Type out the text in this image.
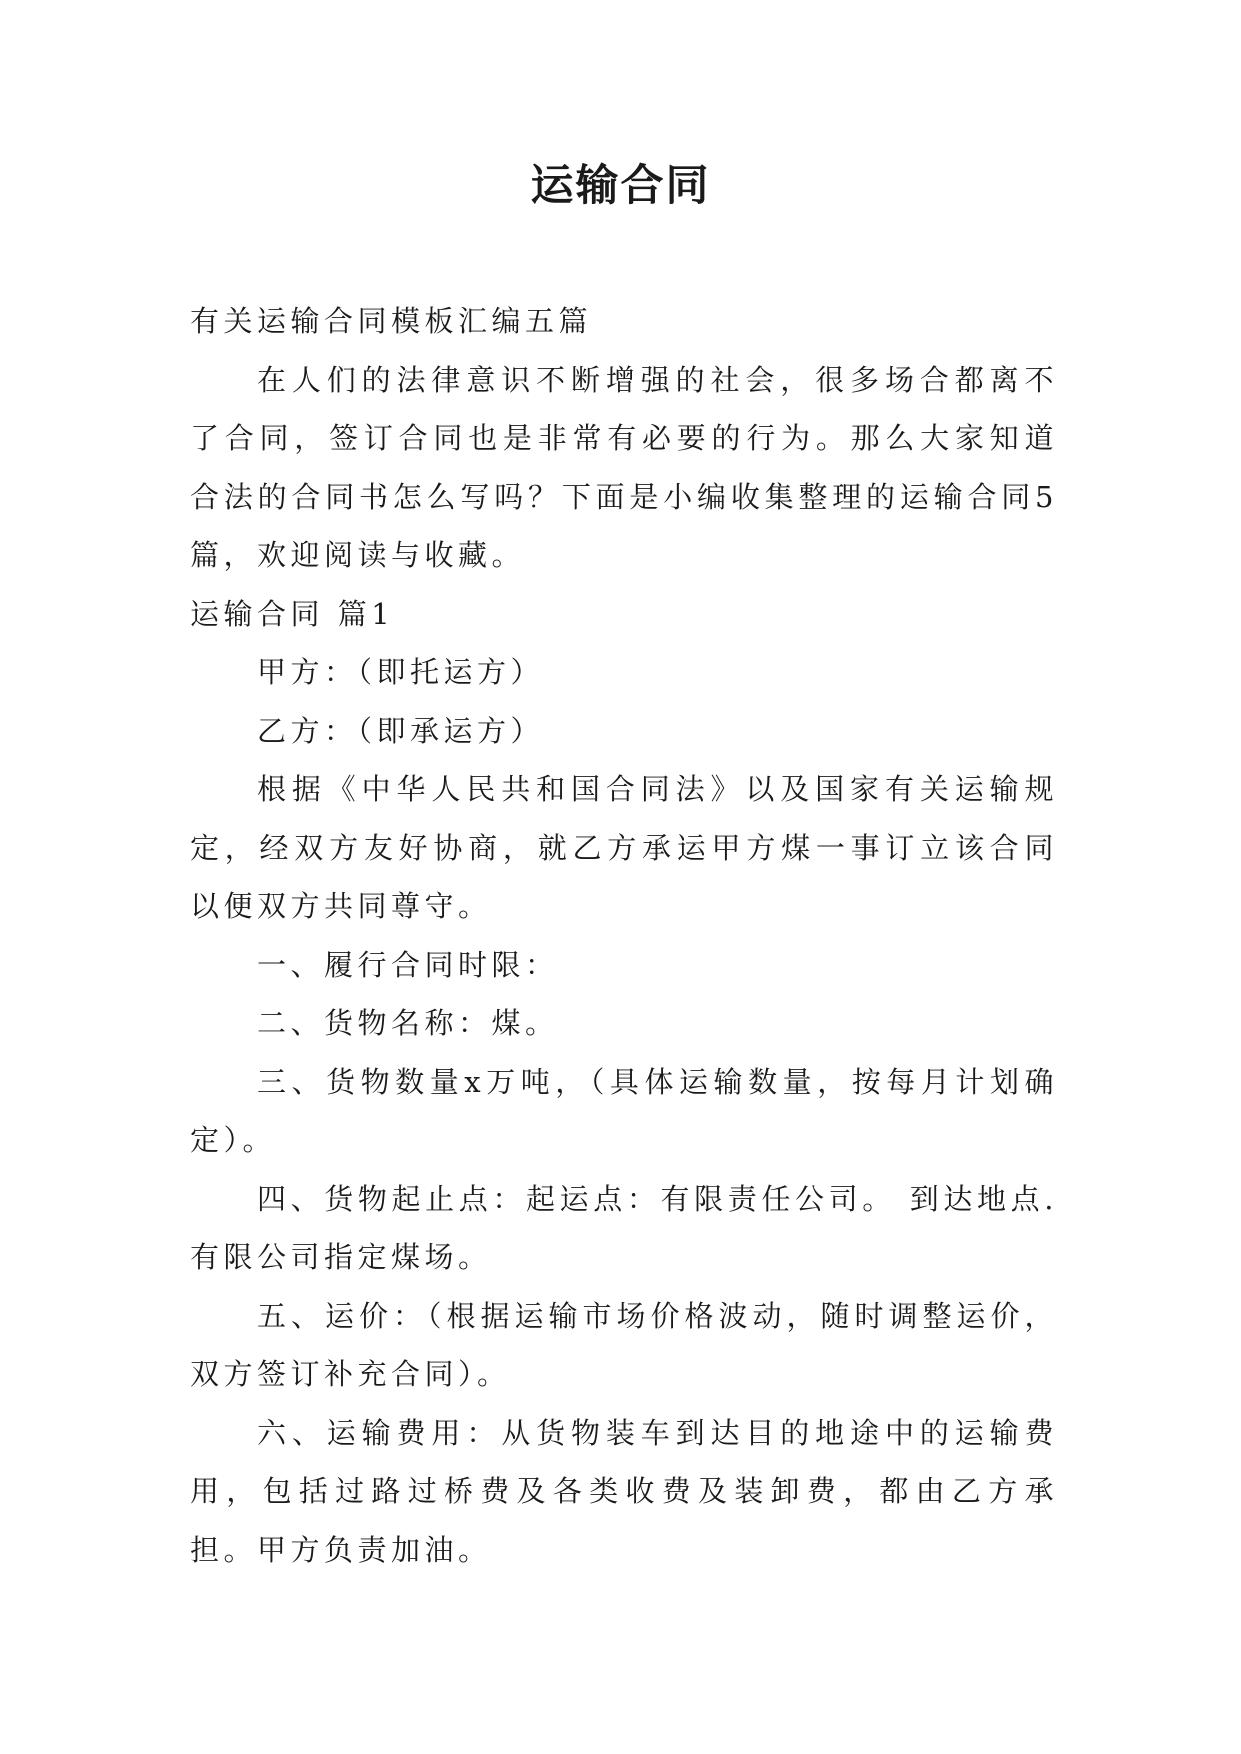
运输合同

有关运输合同模板汇编五篇

在人们的法律意识不断增强的社会，很多场合都离不了合同，签订合同也是非常有必要的行为。那么大家知道合法的合同书怎么写吗？下面是小编收集整理的运输合同5篇，欢迎阅读与收藏。

运输合同 篇1

甲方：（即托运方）

乙方：（即承运方）

根据《中华人民共和国合同法》以及国家有关运输规定，经双方友好协商，就乙方承运甲方煤一事订立该合同以便双方共同尊守。

一、履行合同时限：

二、货物名称：煤。

三、货物数量x万吨，（具体运输数量，按每月计划确定）。

四、货物起止点：起运点：有限责任公司。 到达地点.有限公司指定煤场。

五、运价：（根据运输市场价格波动，随时调整运价，双方签订补充合同）。

六、运输费用：从货物装车到达目的地途中的运输费用，包括过路过桥费及各类收费及装卸费，都由乙方承担。甲方负责加油。
